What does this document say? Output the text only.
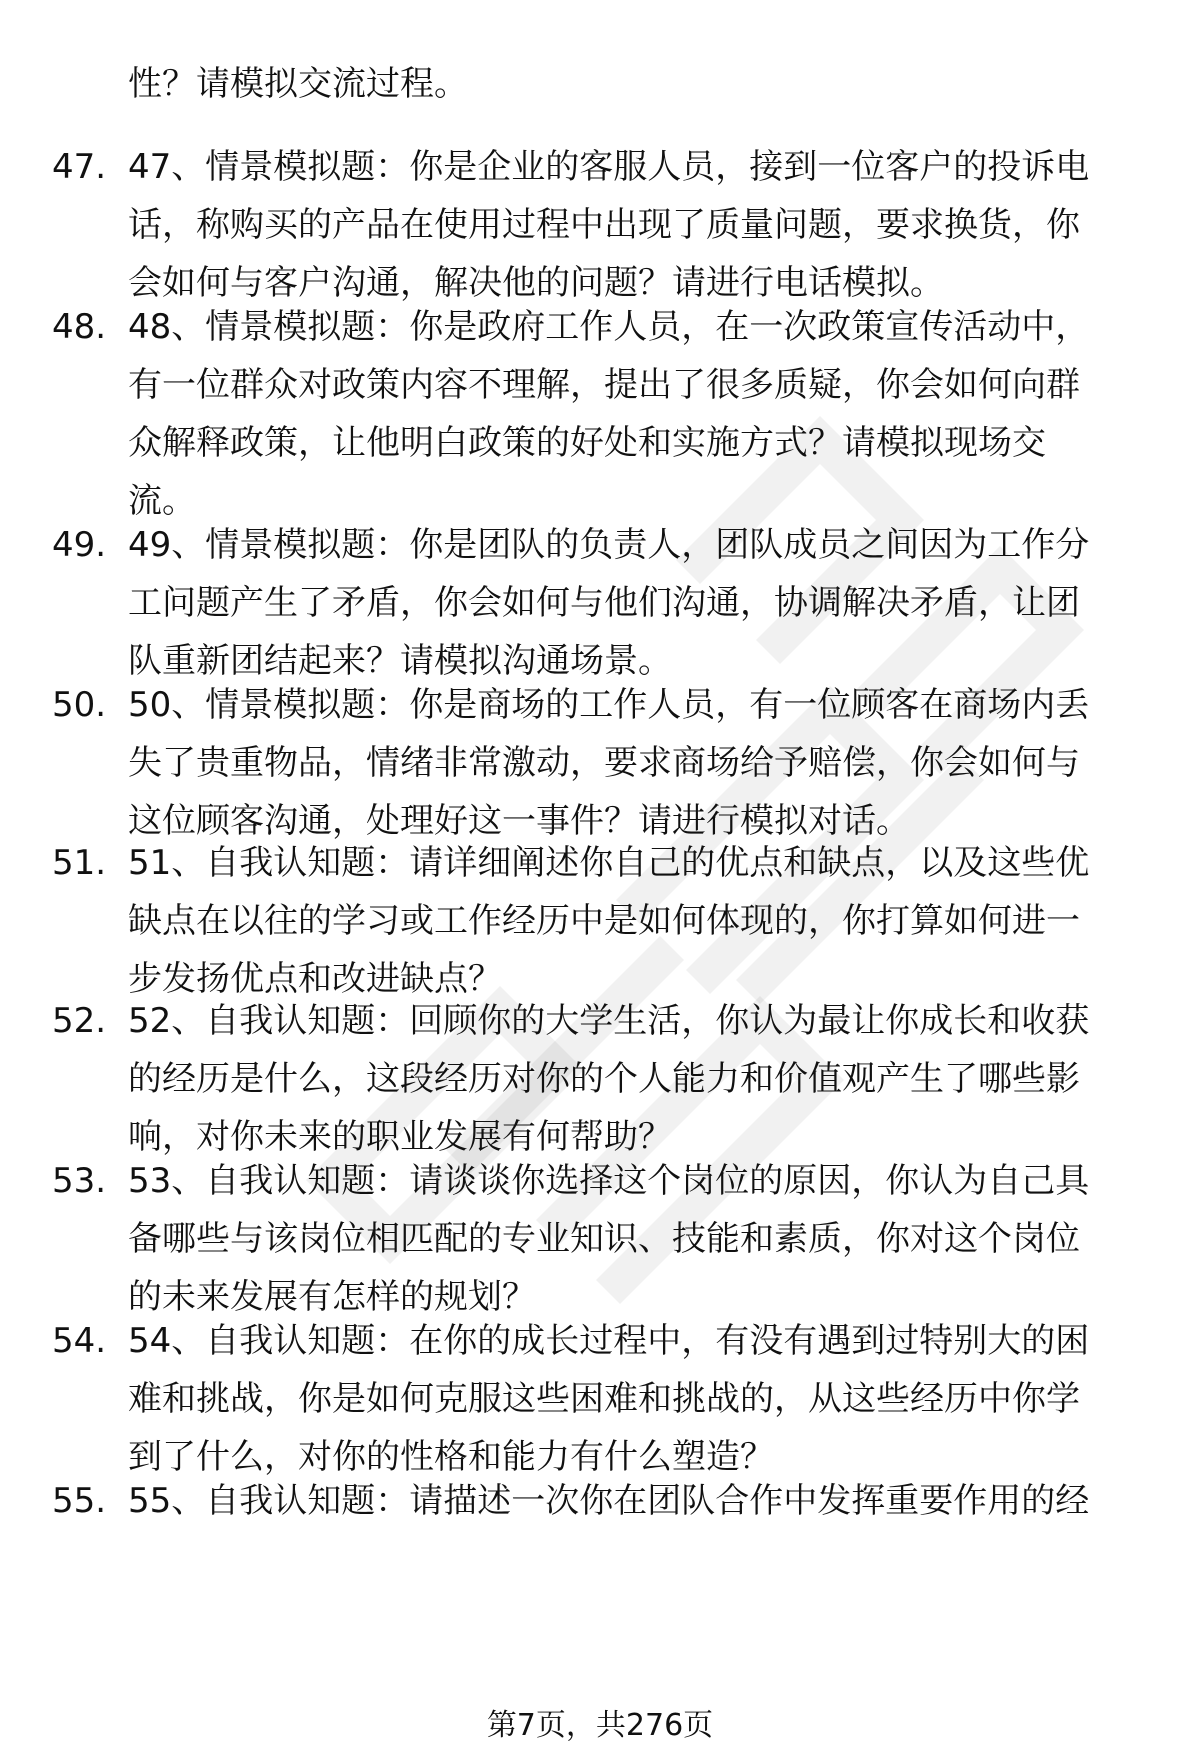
性？请模拟交流过程。
47. 47、情景模拟题：你是企业的客服人员，接到一位客户的投诉电
话，称购买的产品在使用过程中出现了质量问题，要求换货，你
会如何与客户沟通，解决他的问题？请进行电话模拟。
48. 48、情景模拟题：你是政府工作人员，在一次政策宣传活动中，
有一位群众对政策内容不理解，提出了很多质疑，你会如何向群
众解释政策，让他明白政策的好处和实施方式？请模拟现场交
流。
49. 49、情景模拟题：你是团队的负责人，团队成员之间因为工作分
工问题产生了矛盾，你会如何与他们沟通，协调解决矛盾，让团
队重新团结起来？请模拟沟通场景。
50. 50、情景模拟题：你是商场的工作人员，有一位顾客在商场内丢
失了贵重物品，情绪非常激动，要求商场给予赔偿，你会如何与
这位顾客沟通，处理好这一事件？请进行模拟对话。
51. 51、自我认知题：请详细阐述你自己的优点和缺点，以及这些优
缺点在以往的学习或工作经历中是如何体现的，你打算如何进一
步发扬优点和改进缺点？
52. 52、自我认知题：回顾你的大学生活，你认为最让你成长和收获
的经历是什么，这段经历对你的个人能力和价值观产生了哪些影
响，对你未来的职业发展有何帮助？
53. 53、自我认知题：请谈谈你选择这个岗位的原因，你认为自己具
备哪些与该岗位相匹配的专业知识、技能和素质，你对这个岗位
的未来发展有怎样的规划？
54. 54、自我认知题：在你的成长过程中，有没有遇到过特别大的困
难和挑战，你是如何克服这些困难和挑战的，从这些经历中你学
到了什么，对你的性格和能力有什么塑造？
55. 55、自我认知题：请描述一次你在团队合作中发挥重要作用的经
第7页，共276页
